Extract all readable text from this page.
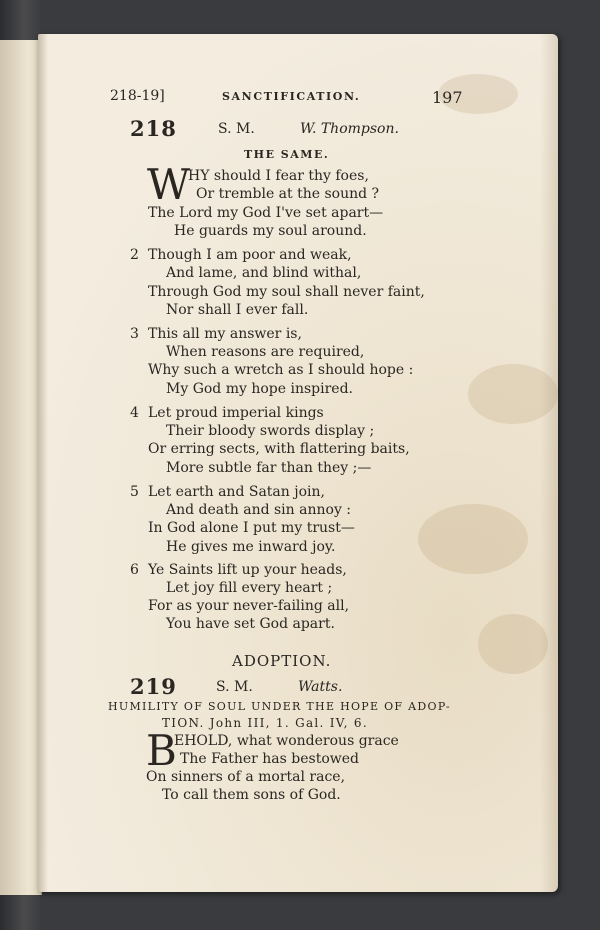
218-19]	SANCTIFICATION.	197
218	S. M.	W. Thompson.
THE SAME.
W
HY should I fear thy foes,
Or tremble at the sound ?
The Lord my God I've set apart—
He guards my soul around.
2 Though I am poor and weak,
And lame, and blind withal,
Through God my soul shall never faint,
Nor shall I ever fall.
3 This all my answer is,
When reasons are required,
Why such a wretch as I should hope :
My God my hope inspired.
4 Let proud imperial kings
Their bloody swords display ;
Or erring sects, with flattering baits,
More subtle far than they ;—
5 Let earth and Satan join,
And death and sin annoy :
In God alone I put my trust—
He gives me inward joy.
6 Ye Saints lift up your heads,
Let joy fill every heart ;
For as your never-failing all,
You have set God apart.
ADOPTION.
219	S. M.	Watts.
HUMILITY OF SOUL UNDER THE HOPE OF ADOP-
TION. John III, 1. Gal. IV, 6.
B
EHOLD, what wonderous grace
The Father has bestowed
On sinners of a mortal race,
To call them sons of God.
